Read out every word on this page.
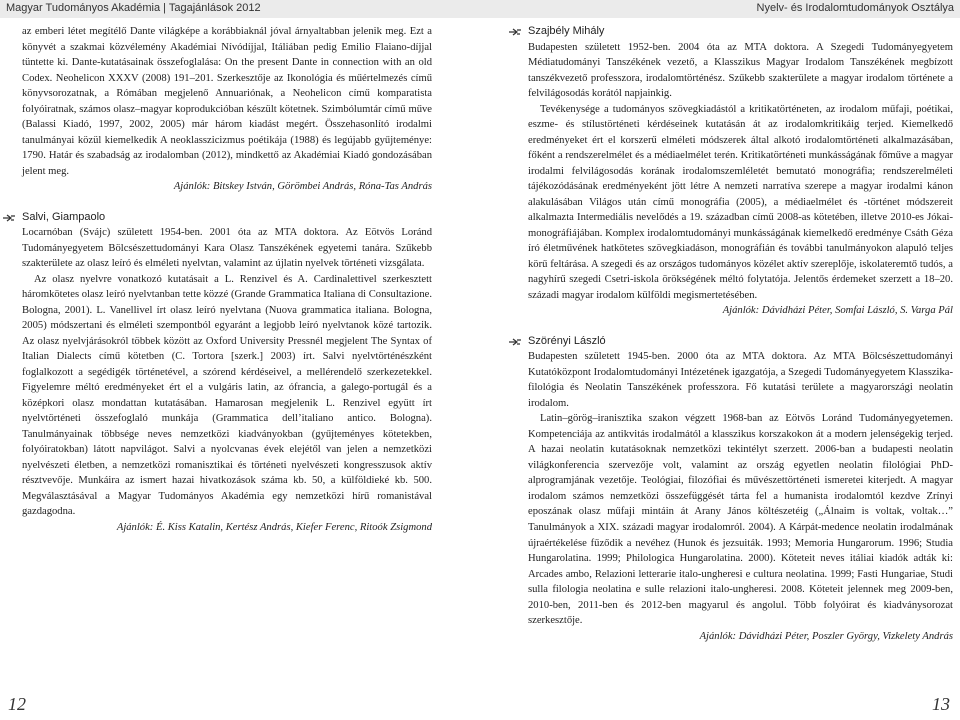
Magyar Tudományos Akadémia | Tagajánlások 2012	Nyelv- és Irodalomtudományok Osztálya

az emberi létet megítélő Dante világképe a korábbiaknál jóval árnyaltabban jelenik meg. Ezt a könyvét a szakmai közvélemény Akadémiai Nívódíjjal, Itáliában pedig Emilio Flaiano-díjjal tüntette ki. Dante-kutatásainak összefoglalása: On the present Dante in connection with an old Codex. Neohelicon XXXV (2008) 191–201. Szerkesztője az Ikonológia és műértelmezés című könyvsorozatnak, a Rómában megjelenő Annuariónak, a Neohelicon című komparatista folyóiratnak, számos olasz–magyar koprodukcióban készült kötetnek. Szimbólumtár című műve (Balassi Kiadó, 1997, 2002, 2005) már három kiadást megért. Összehasonlító irodalmi tanulmányai közül kiemelkedik A neoklasszicizmus poétikája (1988) és legújabb gyűjteménye: 1790. Határ és szabadság az irodalomban (2012), mindkettő az Akadémiai Kiadó gondozásában jelent meg.

Ajánlók: Bitskey István, Görömbei András, Róna-Tas András

Salvi, Giampaolo

Locarnóban (Svájc) született 1954-ben. 2001 óta az MTA doktora. Az Eötvös Loránd Tudományegyetem Bölcsészettudományi Kara Olasz Tanszékének egyetemi tanára. Szűkebb szakterülete az olasz leíró és elméleti nyelvtan, valamint az újlatin nyelvek történeti vizsgálata.

Az olasz nyelvre vonatkozó kutatásait a L. Renzivel és A. Cardinalettivel szerkesztett háromkötetes olasz leíró nyelvtanban tette közzé (Grande Grammatica Italiana di Consultazione. Bologna, 2001). L. Vanellivel írt olasz leíró nyelvtana (Nuova grammatica italiana. Bologna, 2005) módszertani és elméleti szempontból egyaránt a legjobb leíró nyelvtanok közé tartozik. Az olasz nyelvjárásokról többek között az Oxford University Pressnél megjelent The Syntax of Italian Dialects című kötetben (C. Tortora [szerk.] 2003) írt. Salvi nyelvtörténészként foglalkozott a segédigék történetével, a szórend kérdéseivel, a mellérendelő szerkezetekkel. Figyelemre méltó eredményeket ért el a vulgáris latin, az ófrancia, a galego-portugál és a középkori olasz mondattan kutatásában. Hamarosan megjelenik L. Renzivel együtt írt nyelvtörténeti összefoglaló munkája (Grammatica dell’italiano antico. Bologna). Tanulmányainak többsége neves nemzetközi kiadványokban (gyűjteményes kötetekben, folyóiratokban) látott napvilágot. Salvi a nyolcvanas évek elejétől van jelen a nemzetközi nyelvészeti életben, a nemzetközi romanisztikai és történeti nyelvészeti kongresszusok aktív résztvevője. Munkáira az ismert hazai hivatkozások száma kb. 50, a külföldieké kb. 500. Megválasztásával a Magyar Tudományos Akadémia egy nemzetközi hírű romanistával gazdagodna.

Ajánlók: É. Kiss Katalin, Kertész András, Kiefer Ferenc, Ritoók Zsigmond

Szajbély Mihály

Budapesten született 1952-ben. 2004 óta az MTA doktora. A Szegedi Tudományegyetem Médiatudományi Tanszékének vezető, a Klasszikus Magyar Irodalom Tanszékének megbízott tanszékvezető professzora, irodalomtörténész. Szűkebb szakterülete a magyar irodalom története a felvilágosodás korától napjainkig.

Tevékenysége a tudományos szövegkiadástól a kritikatörténeten, az irodalom műfaji, poétikai, eszme- és stílustörténeti kérdéseinek kutatásán át az irodalomkritikáig terjed. Kiemelkedő eredményeket ért el korszerű elméleti módszerek által alkotó irodalomtörténeti alkalmazásában, főként a rendszerelmélet és a médiaelmélet terén. Kritikatörténeti munkásságának főműve a magyar irodalmi felvilágosodás korának irodalomszemléletét bemutató monográfia; rendszerelméleti tájékozódásának eredményeként jött létre A nemzeti narratíva szerepe a magyar irodalmi kánon alakulásában Világos után című monográfia (2005), a médiaelmélet és -történet módszereit alkalmazta Intermediális nevelődés a 19. században című 2008-as kötetében, illetve 2010-es Jókai-monográfiájában. Komplex irodalomtudományi munkásságának kiemelkedő eredménye Csáth Géza író életművének hatkötetes szövegkiadáson, monográfián és további tanulmányokon alapuló teljes körű feltárása. A szegedi és az országos tudományos közélet aktív szereplője, iskolateremtő tudós, a nagyhírű szegedi Csetri-iskola örökségének méltó folytatója. Jelentős érdemeket szerzett a 18–20. századi magyar irodalom külföldi megismertetésében.

Ajánlók: Dávidházi Péter, Somfai László, S. Varga Pál

Szörényi László

Budapesten született 1945-ben. 2000 óta az MTA doktora. Az MTA Bölcsészettudományi Kutatóközpont Irodalomtudományi Intézetének igazgatója, a Szegedi Tudományegyetem Klasszika-filológia és Neolatin Tanszékének professzora. Fő kutatási területe a magyarországi neolatin irodalom.

Latin–görög–iranisztika szakon végzett 1968-ban az Eötvös Loránd Tudományegyetemen. Kompetenciája az antikvitás irodalmától a klasszikus korszakokon át a modern jelenségekig terjed. A hazai neolatin kutatásoknak nemzetközi tekintélyt szerzett. 2006-ban a budapesti neolatin világkonferencia szervezője volt, valamint az ország egyetlen neolatin filológiai PhD-alprogramjának vezetője. Teológiai, filozófiai és művészettörténeti ismeretei kiterjedt. A magyar irodalom számos nemzetközi összefüggését tárta fel a humanista irodalomtól kezdve Zrínyi eposzának olasz műfaji mintáin át Arany János költészetéig („Álnaim is voltak, voltak…” Tanulmányok a XIX. századi magyar irodalomról. 2004). A Kárpát-medence neolatin irodalmának újraértékelése fűződik a nevéhez (Hunok és jezsuiták. 1993; Memoria Hungarorum. 1996; Studia Hungarolatina. 1999; Philologica Hungarolatina. 2000). Köteteit neves itáliai kiadók adták ki: Arcades ambo, Relazioni letterarie italo-ungheresi e cultura neolatina. 1999; Fasti Hungariae, Studi sulla filologia neolatina e sulle relazioni italo-ungheresi. 2008. Köteteit jelennek meg 2009-ben, 2010-ben, 2011-ben és 2012-ben magyarul és angolul. Több folyóirat és kiadványsorozat szerkesztője.

Ajánlók: Dávidházi Péter, Poszler György, Vizkelety András

12	13
